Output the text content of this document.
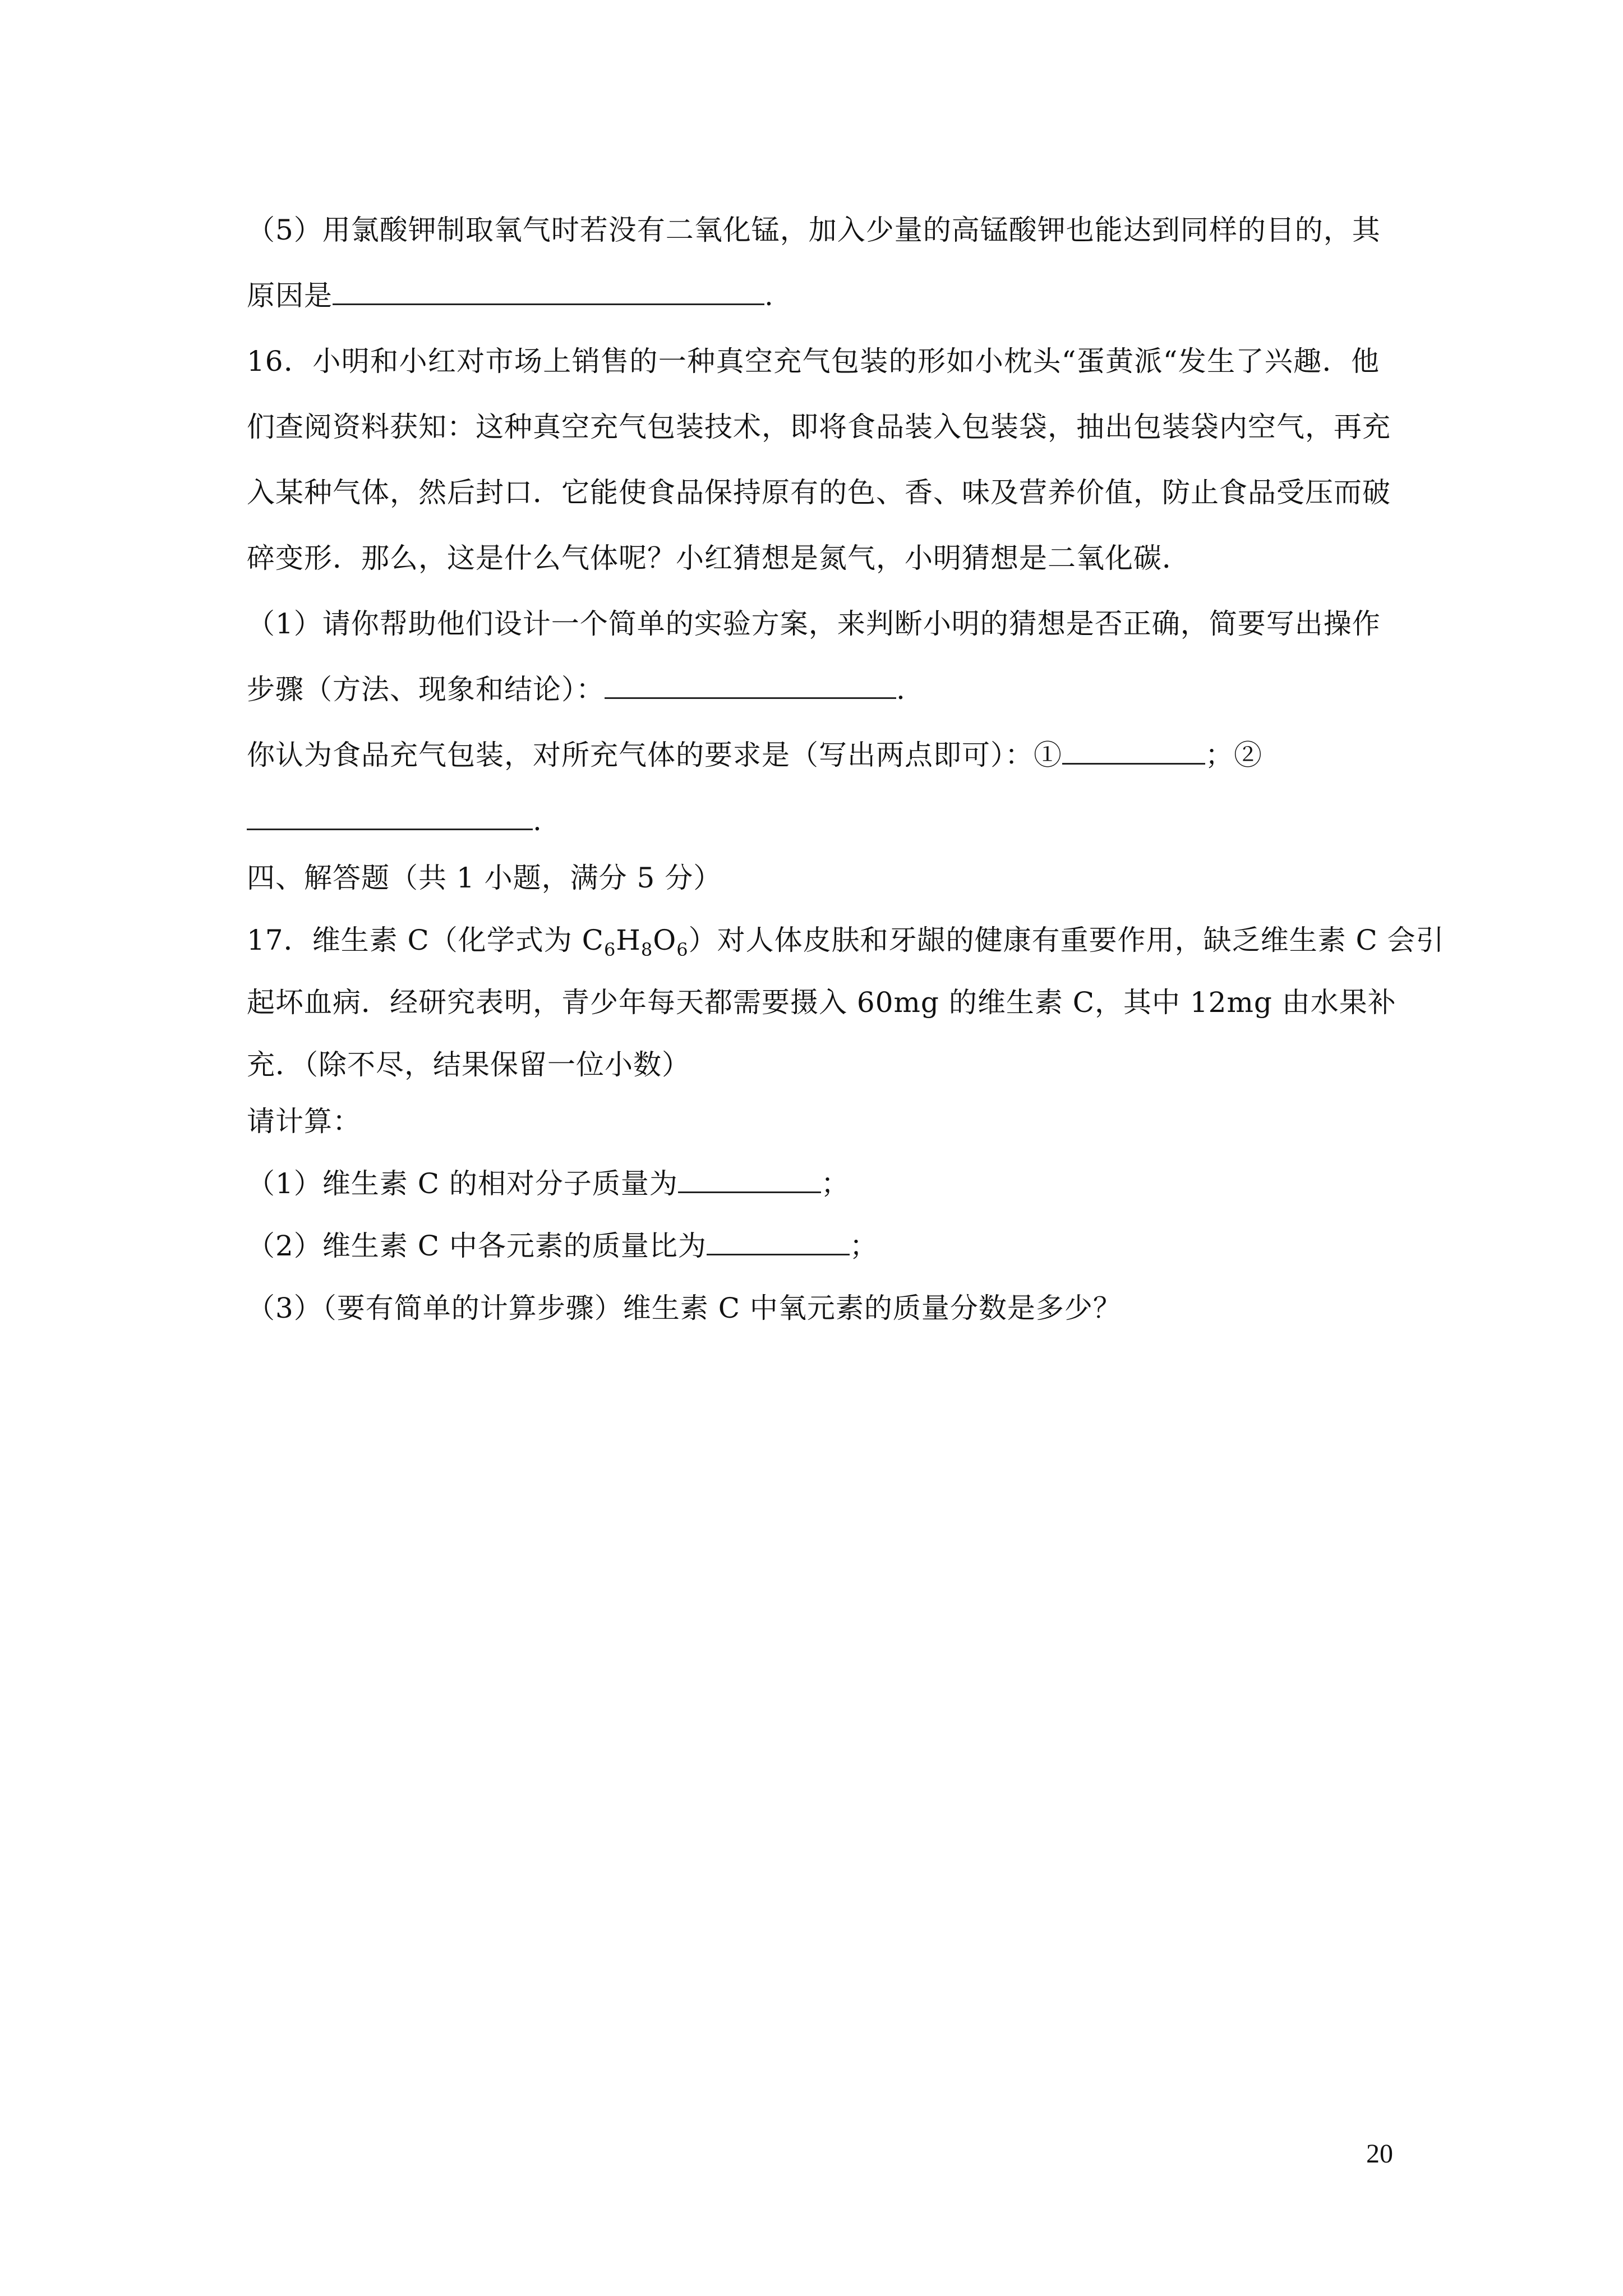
（5）用氯酸钾制取氧气时若没有二氧化锰，加入少量的高锰酸钾也能达到同样的目的，其
原因是	.
16．小明和小红对市场上销售的一种真空充气包装的形如小枕头“蛋黄派“发生了兴趣．他
们查阅资料获知：这种真空充气包装技术，即将食品装入包装袋，抽出包装袋内空气，再充
入某种气体，然后封口．它能使食品保持原有的色、香、味及营养价值，防止食品受压而破
碎变形．那么，这是什么气体呢？小红猜想是氮气，小明猜想是二氧化碳．
（1）请你帮助他们设计一个简单的实验方案，来判断小明的猜想是否正确，简要写出操作
步骤（方法、现象和结论）：	.
你认为食品充气包装，对所充气体的要求是（写出两点即可）：①	；②
.
四、解答题（共 1 小题，满分 5 分）
17．维生素 C（化学式为 $C_6H_8O_6$）对人体皮肤和牙龈的健康有重要作用，缺乏维生素 C 会引
起坏血病．经研究表明，青少年每天都需要摄入 60mg 的维生素 C，其中 12mg 由水果补
充．（除不尽，结果保留一位小数）
请计算：
（1）维生素 C 的相对分子质量为	；
（2）维生素 C 中各元素的质量比为	；
（3）（要有简单的计算步骤）维生素 C 中氧元素的质量分数是多少？
20
